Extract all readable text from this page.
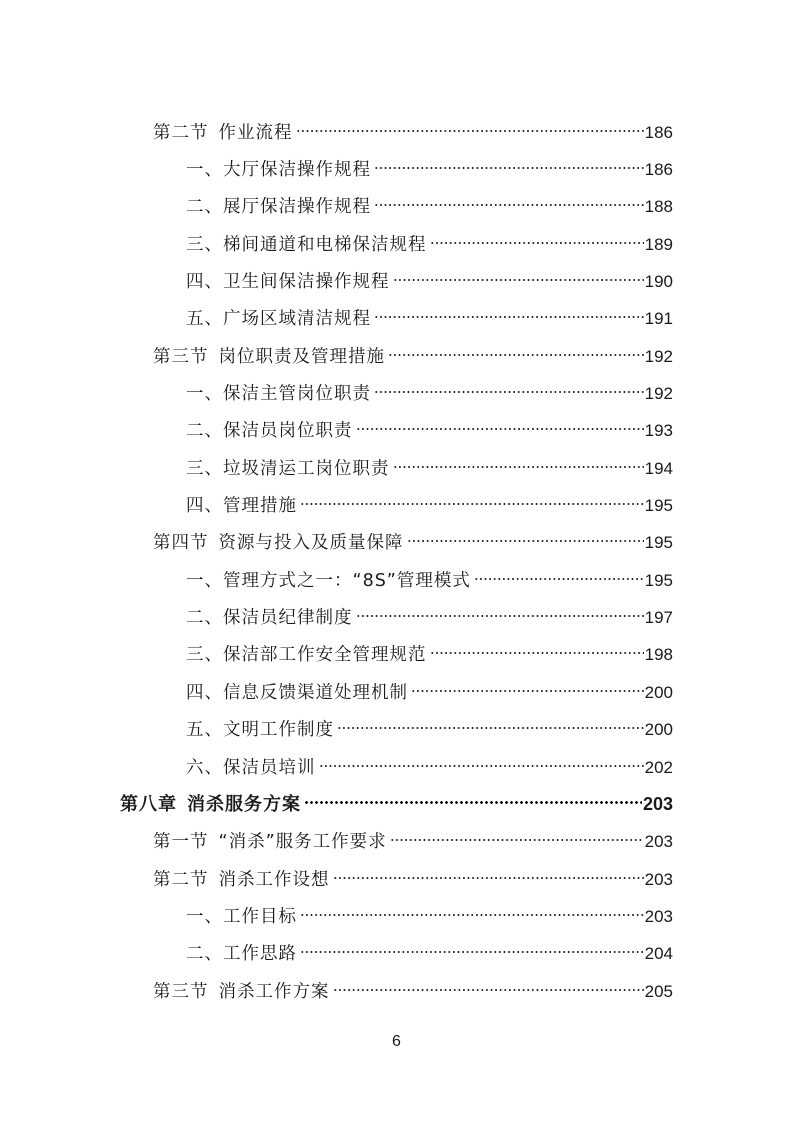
第二节 作业流程	186
一、 大厅保洁操作规程	186
二、 展厅保洁操作规程	188
三、 梯间通道和电梯保洁规程	189
四、 卫生间保洁操作规程	190
五、 广场区域清洁规程	191
第三节 岗位职责及管理措施	192
一、 保洁主管岗位职责	192
二、 保洁员岗位职责	193
三、 垃圾清运工岗位职责	194
四、 管理措施	195
第四节 资源与投入及质量保障	195
一、 管理方式之一：“8S”管理模式	195
二、 保洁员纪律制度	197
三、 保洁部工作安全管理规范	198
四、 信息反馈渠道处理机制	200
五、 文明工作制度	200
六、 保洁员培训	202
第八章 消杀服务方案	203
第一节 “消杀”服务工作要求	203
第二节 消杀工作设想	203
一、 工作目标	203
二、 工作思路	204
第三节 消杀工作方案	205
6
